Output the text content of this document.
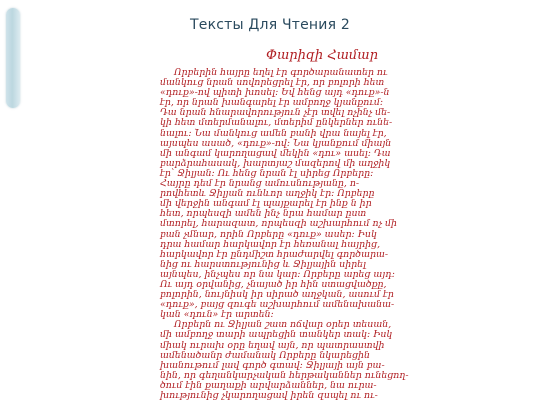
Тексты Для Чтения 2
Փարիզի Համար

Որբերին հայրը եղել էր գործարանատեր ու
մանկուց նրան սովորեցրել էր, որ բոլորի հետ
«դուք»-ով պիտի խոսել: Եվ հենց այդ «դուք»-ն
էր, որ նրան խանգարել էր ամբողջ կյանքում:
Դա նրան հնարավորություն չէր տվել ոչինչ մե-
կի հետ մտերմանալու, մտերիմ ընկերներ ունե-
նալու: Նա մանկուց ամեն բանի վրա նայել էր,
այսպես ասած, «դուք»-ով: Նա կյանքում միայն
մի անգամ կարողացավ մեկին «դու» ասել: Դա
բարձրահասակ, խարտյաշ մազերով մի աղջիկ
էր՝ Ջիլյան: Ու հենց նրան էլ սիրեց Որբերը:
Հայրը դեմ էր նրանց ամուսնությանը, ո-
րովհետև Ջիլյան ունևոր աղջիկ էր: Որբերը
մի վերջին անգամ էլ պայքարել էր ինք ն իր
հետ, որպեսզի ամեն ինչ նրա համար ըստ
մտորել, հարազատ, որպեսզի աշխարհում ոչ մի
բան չմնար, որին Որբերը «դուք» ասեր: Իսկ
դրա համար հարկավոր էր հեռանալ հայրից,
հարկավոր էր ընդմիշտ հրաժարվել գործարա-
նից ու հարստությունից և Ջիլյային սիրել
այնպես, ինչպես որ նա կար: Որբերը արեց այդ:
Ու այդ օրվանից, չնայած իր հին ստացվածքը,
բոլորին, նույնիսկ իր սիրած աղջկան, ասում էր
«դուք», բայց զուգե աշխարհում ամենախանա-
կան «դուն» էր արտեն:

Որբերն ու Ջիլյան շատ ոճվար օրեր տեսան,
մի ամբողջ տարի ապրեցին տանկեր տակ: Իսկ
միակ ուրախ օրը եղավ այն, որ պատրաստվի
ամենածանր ժամանակ Որբերը նկարեցին
խանութում լավ գործ գտավ: Ջիլյայի այն բա-
նին, որ գեղանկարչական հերթականներ ունեցող-
ծում էին քաղաքի արվարձաններ, նա ուրա-
խությունից չկարողացավ իրեն զսպել ու ու-
